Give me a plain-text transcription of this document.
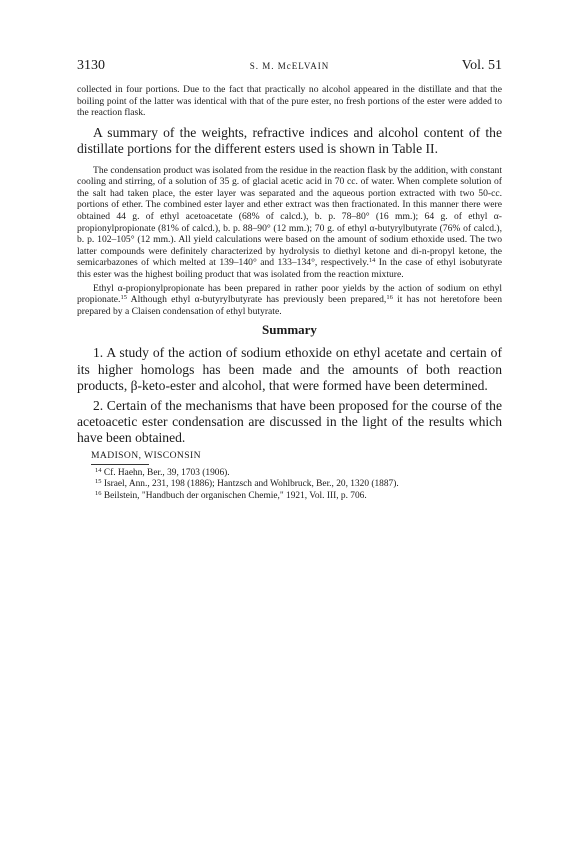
3130	S. M. McELVAIN	Vol. 51

collected in four portions. Due to the fact that practically no alcohol appeared in the distillate and that the boiling point of the latter was identical with that of the pure ester, no fresh portions of the ester were added to the reaction flask.

A summary of the weights, refractive indices and alcohol content of the distillate portions for the different esters used is shown in Table II.

The condensation product was isolated from the residue in the reaction flask by the addition, with constant cooling and stirring, of a solution of 35 g. of glacial acetic acid in 70 cc. of water. When complete solution of the salt had taken place, the ester layer was separated and the aqueous portion extracted with two 50-cc. portions of ether. The combined ester layer and ether extract was then fractionated. In this manner there were obtained 44 g. of ethyl acetoacetate (68% of calcd.), b. p. 78–80° (16 mm.); 64 g. of ethyl α-propionylpropionate (81% of calcd.), b. p. 88–90° (12 mm.); 70 g. of ethyl α-butyrylbutyrate (76% of calcd.), b. p. 102–105° (12 mm.). All yield calculations were based on the amount of sodium ethoxide used. The two latter compounds were definitely characterized by hydrolysis to diethyl ketone and di-n-propyl ketone, the semicarbazones of which melted at 139–140° and 133–134°, respectively.$^{14}$ In the case of ethyl isobutyrate this ester was the highest boiling product that was isolated from the reaction mixture.

Ethyl α-propionylpropionate has been prepared in rather poor yields by the action of sodium on ethyl propionate.$^{15}$ Although ethyl α-butyrylbutyrate has previously been prepared,$^{16}$ it has not heretofore been prepared by a Claisen condensation of ethyl butyrate.

Summary

1. A study of the action of sodium ethoxide on ethyl acetate and certain of its higher homologs has been made and the amounts of both reaction products, β-keto-ester and alcohol, that were formed have been determined.

2. Certain of the mechanisms that have been proposed for the course of the acetoacetic ester condensation are discussed in the light of the results which have been obtained.

MADISON, WISCONSIN
$^{14}$ Cf. Haehn, Ber., 39, 1703 (1906).
$^{15}$ Israel, Ann., 231, 198 (1886); Hantzsch and Wohlbruck, Ber., 20, 1320 (1887).
$^{16}$ Beilstein, "Handbuch der organischen Chemie," 1921, Vol. III, p. 706.
